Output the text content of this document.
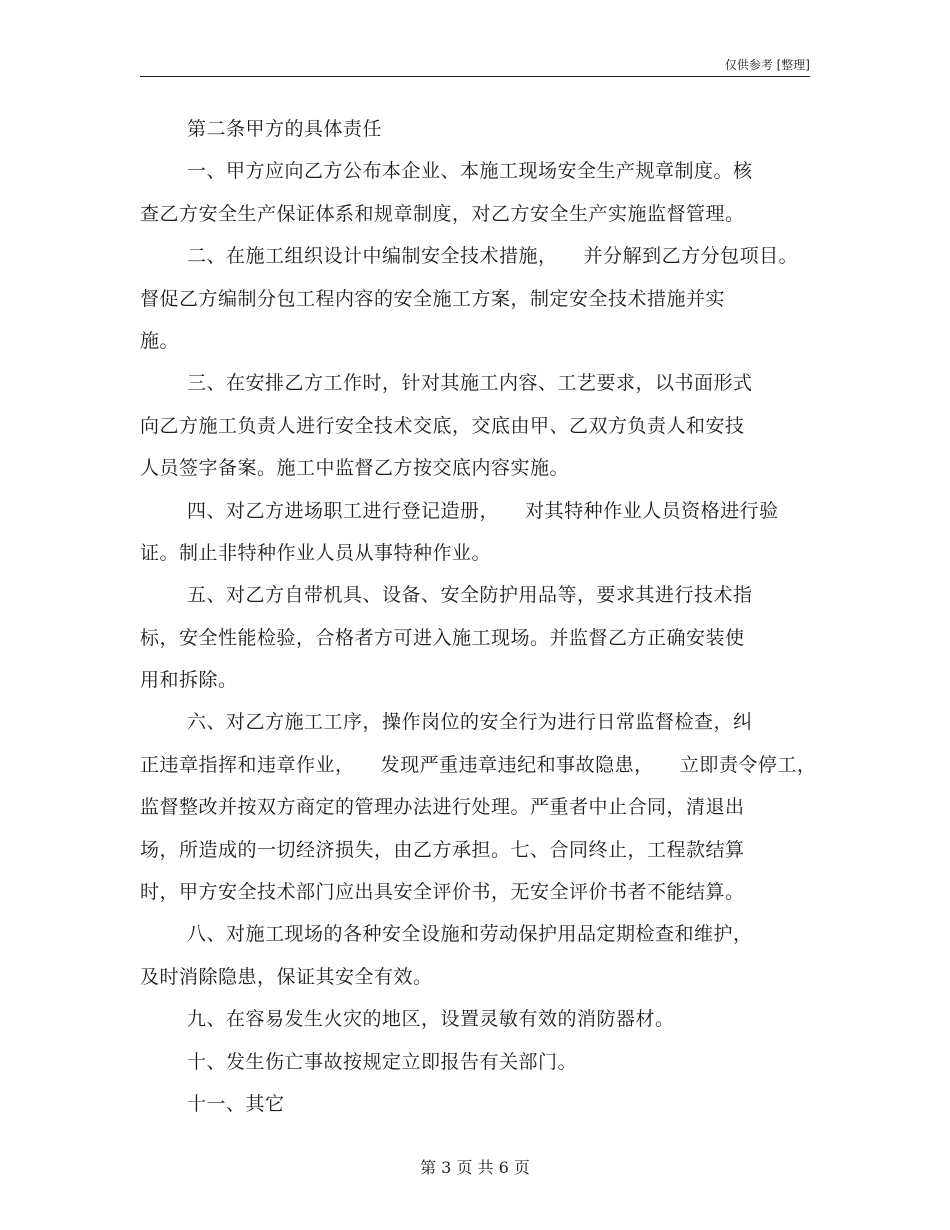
仅供参考 [整理]
第二条甲方的具体责任
一、甲方应向乙方公布本企业、本施工现场安全生产规章制度。核
查乙方安全生产保证体系和规章制度，对乙方安全生产实施监督管理。
二、在施工组织设计中编制安全技术措施，    并分解到乙方分包项目。
督促乙方编制分包工程内容的安全施工方案，制定安全技术措施并实
施。
三、在安排乙方工作时，针对其施工内容、工艺要求，以书面形式
向乙方施工负责人进行安全技术交底，交底由甲、乙双方负责人和安技
人员签字备案。施工中监督乙方按交底内容实施。
四、对乙方进场职工进行登记造册，    对其特种作业人员资格进行验
证。制止非特种作业人员从事特种作业。
五、对乙方自带机具、设备、安全防护用品等，要求其进行技术指
标，安全性能检验，合格者方可进入施工现场。并监督乙方正确安装使
用和拆除。
六、对乙方施工工序，操作岗位的安全行为进行日常监督检查，纠
正违章指挥和违章作业，    发现严重违章违纪和事故隐患，    立即责令停工，
监督整改并按双方商定的管理办法进行处理。严重者中止合同，清退出
场，所造成的一切经济损失，由乙方承担。七、合同终止，工程款结算
时，甲方安全技术部门应出具安全评价书，无安全评价书者不能结算。
八、对施工现场的各种安全设施和劳动保护用品定期检查和维护，
及时消除隐患，保证其安全有效。
九、在容易发生火灾的地区，设置灵敏有效的消防器材。
十、发生伤亡事故按规定立即报告有关部门。
十一、其它
第 3 页 共 6 页
